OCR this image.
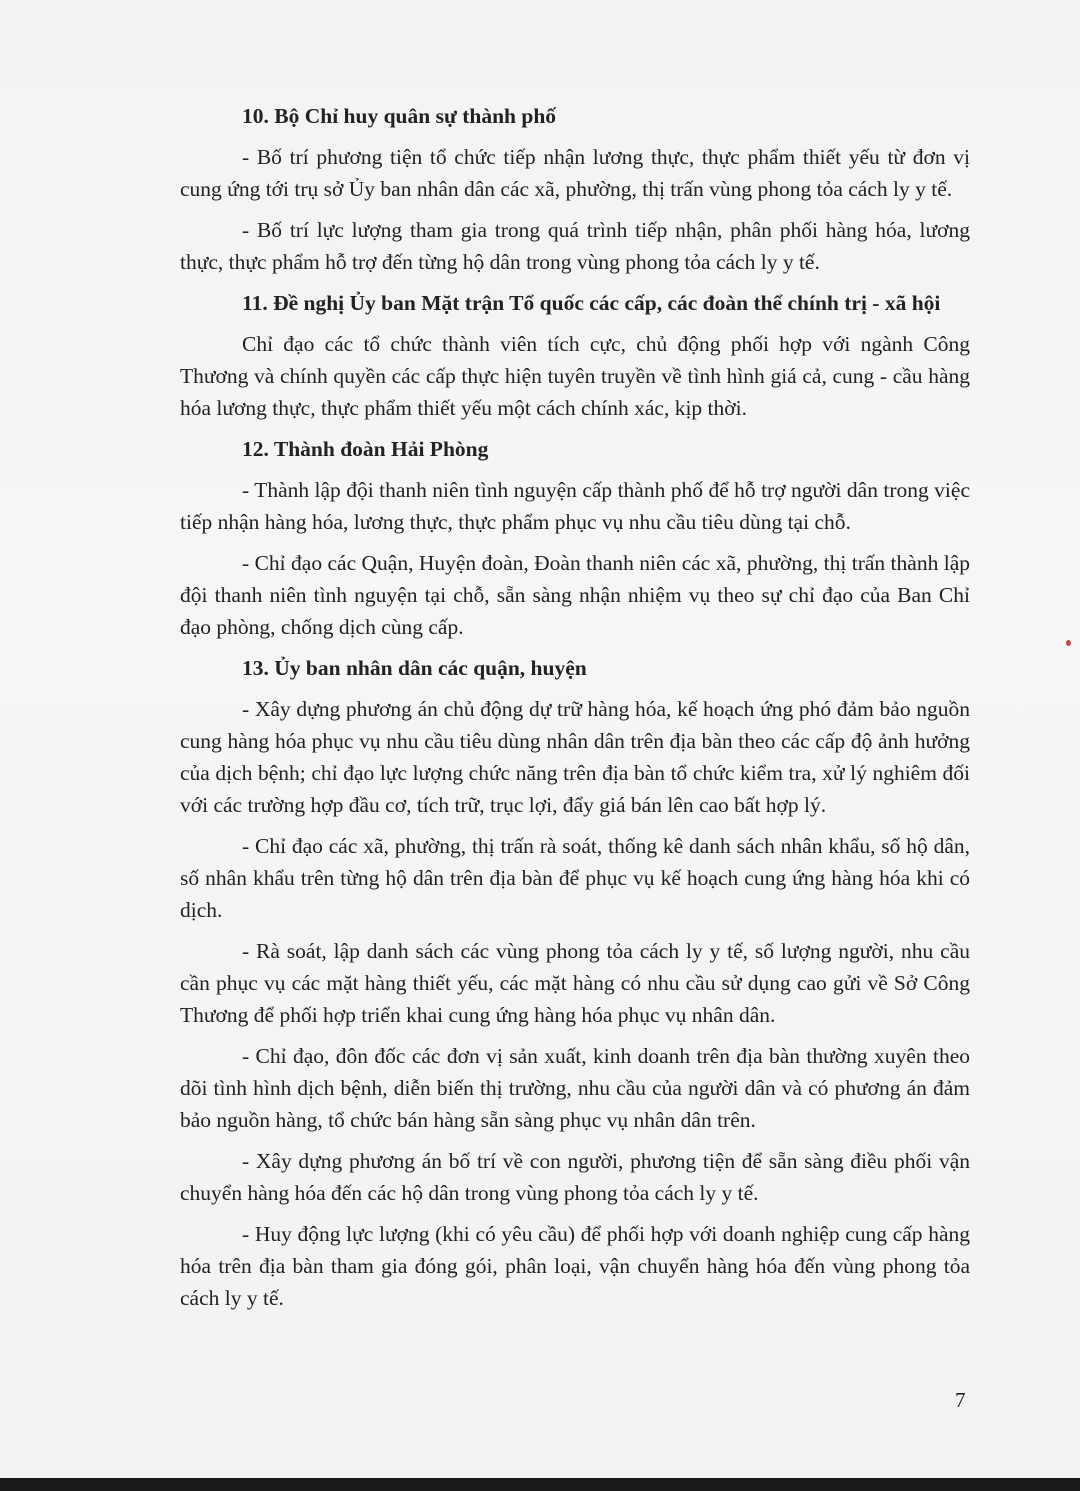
10. Bộ Chỉ huy quân sự thành phố
- Bố trí phương tiện tổ chức tiếp nhận lương thực, thực phẩm thiết yếu từ đơn vị cung ứng tới trụ sở Ủy ban nhân dân các xã, phường, thị trấn vùng phong tỏa cách ly y tế.
- Bố trí lực lượng tham gia trong quá trình tiếp nhận, phân phối hàng hóa, lương thực, thực phẩm hỗ trợ đến từng hộ dân trong vùng phong tỏa cách ly y tế.
11. Đề nghị Ủy ban Mặt trận Tổ quốc các cấp, các đoàn thể chính trị - xã hội
Chỉ đạo các tổ chức thành viên tích cực, chủ động phối hợp với ngành Công Thương và chính quyền các cấp thực hiện tuyên truyền về tình hình giá cả, cung - cầu hàng hóa lương thực, thực phẩm thiết yếu một cách chính xác, kịp thời.
12. Thành đoàn Hải Phòng
- Thành lập đội thanh niên tình nguyện cấp thành phố để hỗ trợ người dân trong việc tiếp nhận hàng hóa, lương thực, thực phẩm phục vụ nhu cầu tiêu dùng tại chỗ.
- Chỉ đạo các Quận, Huyện đoàn, Đoàn thanh niên các xã, phường, thị trấn thành lập đội thanh niên tình nguyện tại chỗ, sẵn sàng nhận nhiệm vụ theo sự chỉ đạo của Ban Chỉ đạo phòng, chống dịch cùng cấp.
13. Ủy ban nhân dân các quận, huyện
- Xây dựng phương án chủ động dự trữ hàng hóa, kế hoạch ứng phó đảm bảo nguồn cung hàng hóa phục vụ nhu cầu tiêu dùng nhân dân trên địa bàn theo các cấp độ ảnh hưởng của dịch bệnh; chỉ đạo lực lượng chức năng trên địa bàn tổ chức kiểm tra, xử lý nghiêm đối với các trường hợp đầu cơ, tích trữ, trục lợi, đẩy giá bán lên cao bất hợp lý.
- Chỉ đạo các xã, phường, thị trấn rà soát, thống kê danh sách nhân khẩu, số hộ dân, số nhân khẩu trên từng hộ dân trên địa bàn để phục vụ kế hoạch cung ứng hàng hóa khi có dịch.
- Rà soát, lập danh sách các vùng phong tỏa cách ly y tế, số lượng người, nhu cầu cần phục vụ các mặt hàng thiết yếu, các mặt hàng có nhu cầu sử dụng cao gửi về Sở Công Thương để phối hợp triển khai cung ứng hàng hóa phục vụ nhân dân.
- Chỉ đạo, đôn đốc các đơn vị sản xuất, kinh doanh trên địa bàn thường xuyên theo dõi tình hình dịch bệnh, diễn biến thị trường, nhu cầu của người dân và có phương án đảm bảo nguồn hàng, tổ chức bán hàng sẵn sàng phục vụ nhân dân trên.
- Xây dựng phương án bố trí về con người, phương tiện để sẵn sàng điều phối vận chuyển hàng hóa đến các hộ dân trong vùng phong tỏa cách ly y tế.
- Huy động lực lượng (khi có yêu cầu) để phối hợp với doanh nghiệp cung cấp hàng hóa trên địa bàn tham gia đóng gói, phân loại, vận chuyển hàng hóa đến vùng phong tỏa cách ly y tế.
7
